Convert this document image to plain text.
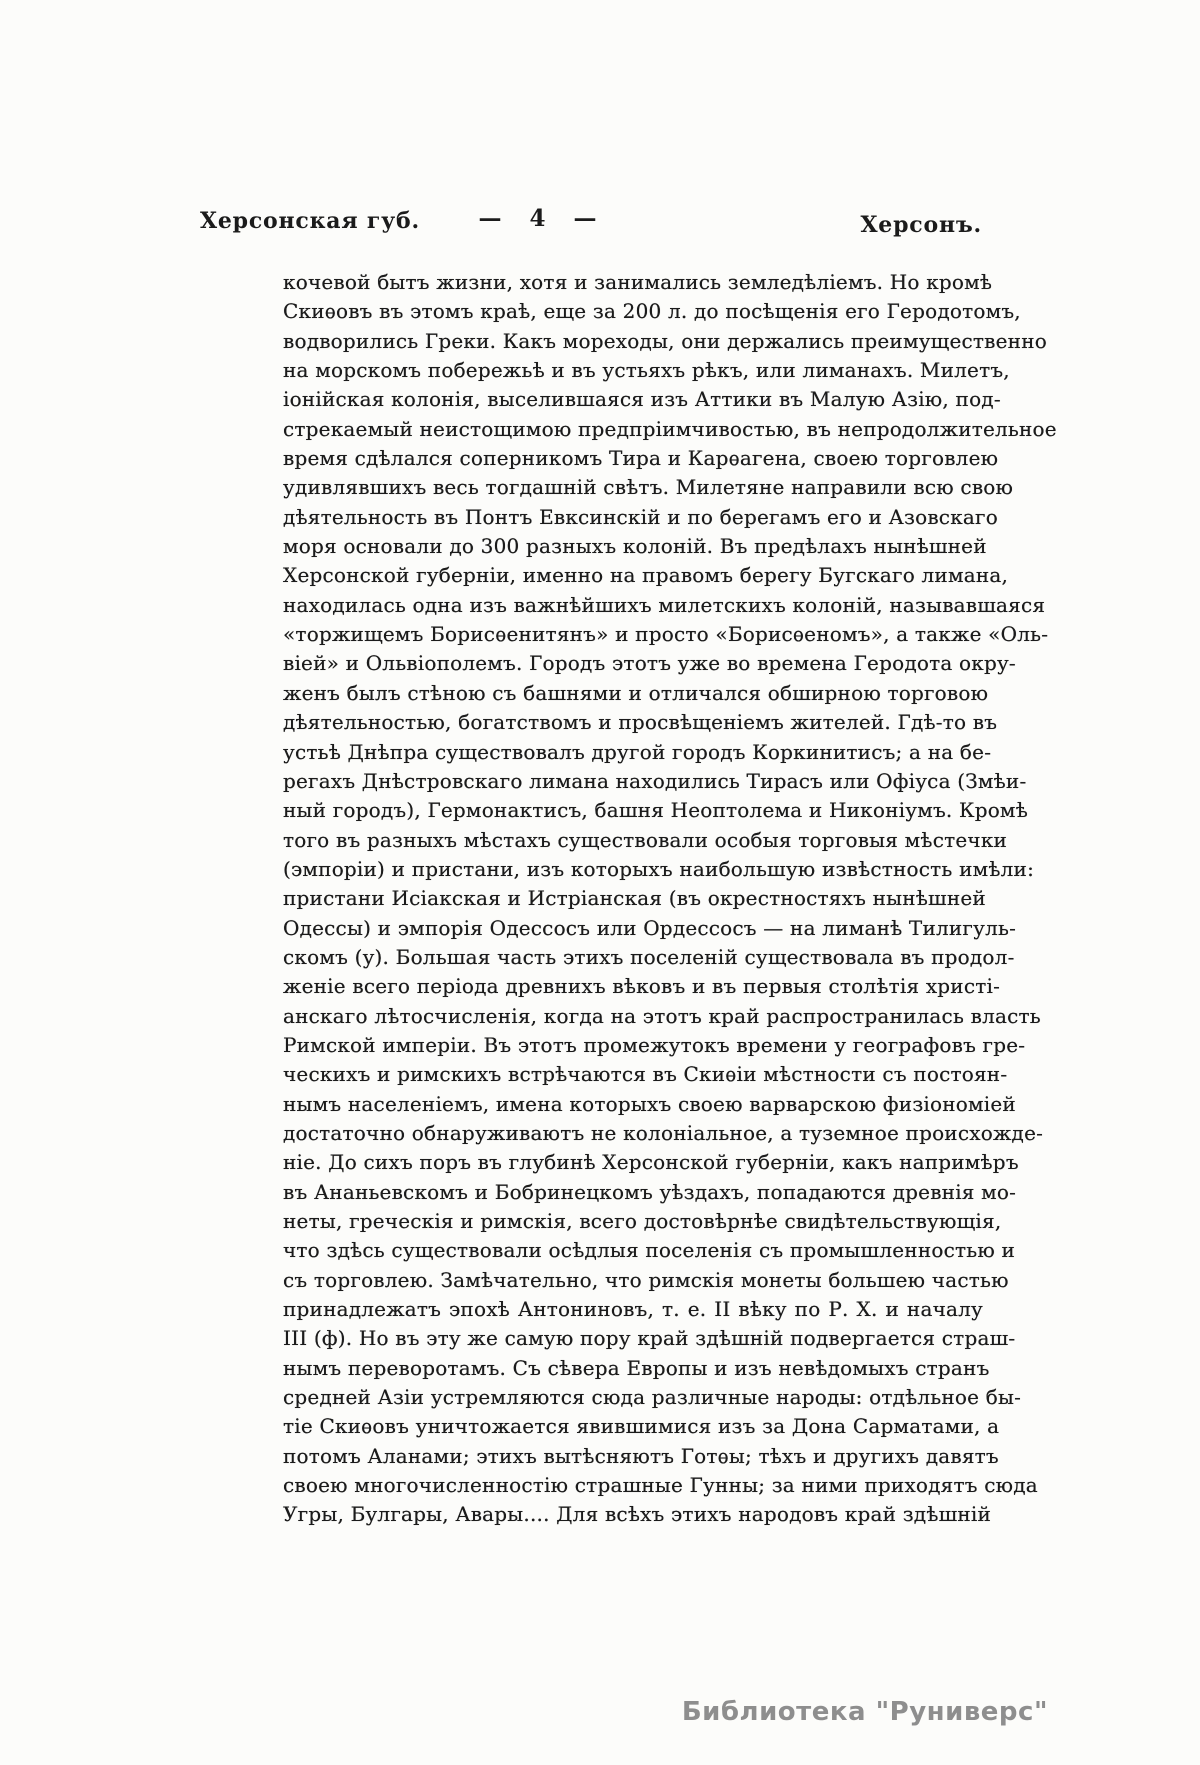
Херсонская губ.	— 4 —	Херсонъ.
кочевой бытъ жизни, хотя и занимались земледѣліемъ. Но кромѣ
Скиѳовъ въ этомъ краѣ, еще за 200 л. до посѣщенія его Геродотомъ,
водворились Греки. Какъ мореходы, они держались преимущественно
на морскомъ побережьѣ и въ устьяхъ рѣкъ, или лиманахъ. Милетъ,
іонійская колонія, выселившаяся изъ Аттики въ Малую Азію, под-
стрекаемый неистощимою предпріимчивостью, въ непродолжительное
время сдѣлался соперникомъ Тира и Карѳагена, своею торговлею
удивлявшихъ весь тогдашній свѣтъ. Милетяне направили всю свою
дѣятельность въ Понтъ Евксинскій и по берегамъ его и Азовскаго
моря основали до 300 разныхъ колоній. Въ предѣлахъ нынѣшней
Херсонской губерніи, именно на правомъ берегу Бугскаго лимана,
находилась одна изъ важнѣйшихъ милетскихъ колоній, называвшаяся
«торжищемъ Борисѳенитянъ» и просто «Борисѳеномъ», а также «Оль-
віей» и Ольвіополемъ. Городъ этотъ уже во времена Геродота окру-
женъ былъ стѣною съ башнями и отличался обширною торговою
дѣятельностью, богатствомъ и просвѣщеніемъ жителей. Гдѣ-то въ
устьѣ Днѣпра существовалъ другой городъ Коркинитисъ; а на бе-
регахъ Днѣстровскаго лимана находились Тирасъ или Офіуса (Змѣи-
ный городъ), Гермонактисъ, башня Неоптолема и Никоніумъ. Кромѣ
того въ разныхъ мѣстахъ существовали особыя торговыя мѣстечки
(эмпоріи) и пристани, изъ которыхъ наибольшую извѣстность имѣли:
пристани Исіакская и Истріанская (въ окрестностяхъ нынѣшней
Одессы) и эмпорія Одессосъ или Ордессосъ — на лиманѣ Тилигуль-
скомъ (у). Большая часть этихъ поселеній существовала въ продол-
женіе всего періода древнихъ вѣковъ и въ первыя столѣтія христі-
анскаго лѣтосчисленія, когда на этотъ край распространилась власть
Римской имперіи. Въ этотъ промежутокъ времени у географовъ гре-
ческихъ и римскихъ встрѣчаются въ Скиѳіи мѣстности съ постоян-
нымъ населеніемъ, имена которыхъ своею варварскою физіономіей
достаточно обнаруживаютъ не колоніальное, а туземное происхожде-
ніе. До сихъ поръ въ глубинѣ Херсонской губерніи, какъ напримѣръ
въ Ананьевскомъ и Бобринецкомъ уѣздахъ, попадаются древнія мо-
неты, греческія и римскія, всего достовѣрнѣе свидѣтельствующія,
что здѣсь существовали осѣдлыя поселенія съ промышленностью и
съ торговлею. Замѣчательно, что римскія монеты большею частью
принадлежатъ эпохѣ Антониновъ, т. е. II вѣку по Р. Х. и началу
III (ф). Но въ эту же самую пору край здѣшній подвергается страш-
нымъ переворотамъ. Съ сѣвера Европы и изъ невѣдомыхъ странъ
средней Азіи устремляются сюда различные народы: отдѣльное бы-
тіе Скиѳовъ уничтожается явившимися изъ за Дона Сарматами, а
потомъ Аланами; этихъ вытѣсняютъ Готѳы; тѣхъ и другихъ давятъ
своею многочисленностію страшные Гунны; за ними приходятъ сюда
Угры, Булгары, Авары.... Для всѣхъ этихъ народовъ край здѣшній
Библиотека "Руниверс"
